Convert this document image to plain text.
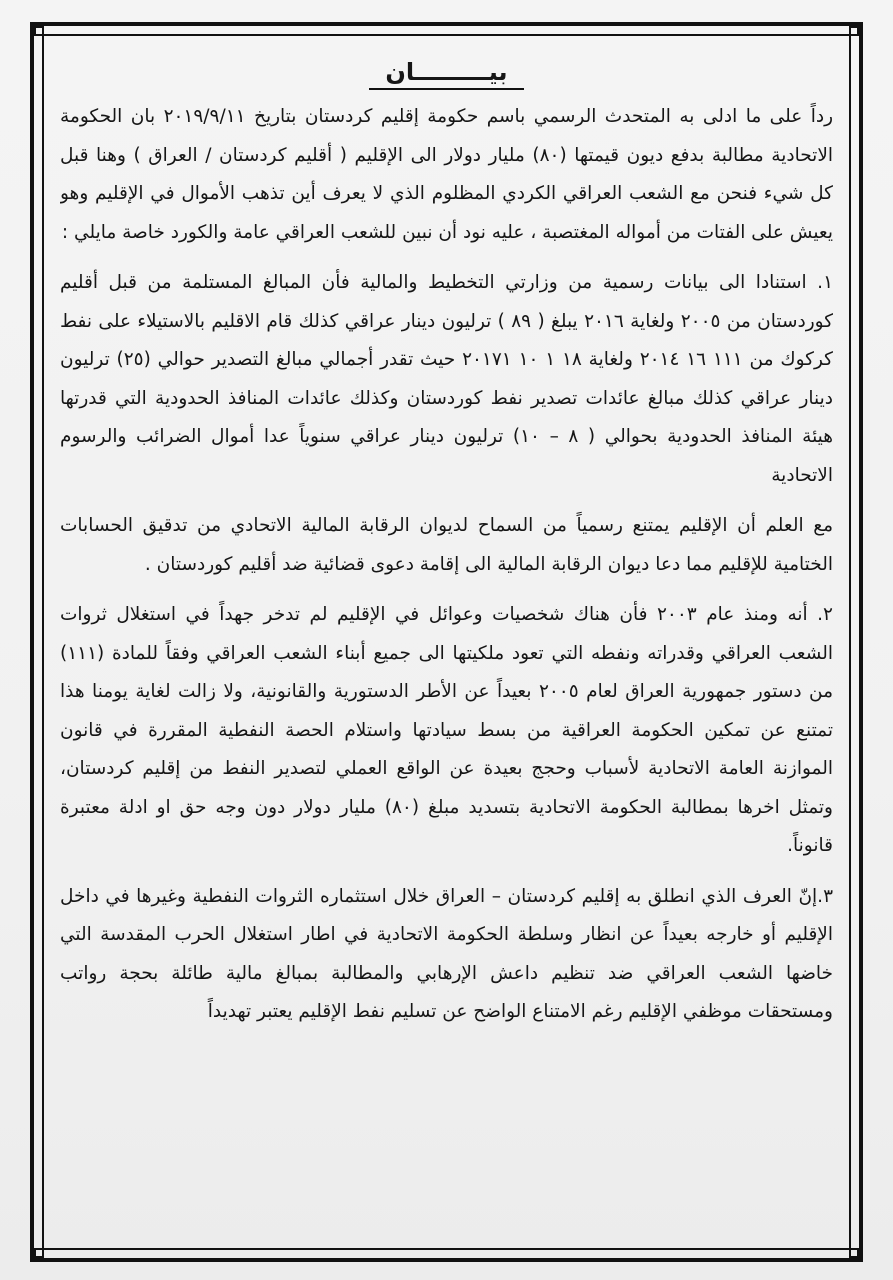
بيـــــــــان

رداً على ما ادلى به المتحدث الرسمي باسم حكومة إقليم كردستان بتاريخ ٢٠١٩/٩/١١ بان الحكومة الاتحادية مطالبة بدفع ديون قيمتها (٨٠) مليار دولار الى الإقليم ( أقليم كردستان / العراق ) وهنا قبل كل شيء فنحن مع الشعب العراقي الكردي المظلوم الذي لا يعرف أين تذهب الأموال في الإقليم وهو يعيش على الفتات من أمواله المغتصبة ، عليه نود أن نبين للشعب العراقي عامة والكورد خاصة مايلي :

١. استنادا الى بيانات رسمية من وزارتي التخطيط والمالية فأن المبالغ المستلمة من قبل أقليم كوردستان من ٢٠٠٥ ولغاية ٢٠١٦ يبلغ ( ٨٩ ) ترليون دينار عراقي كذلك قام الاقليم بالاستيلاء على نفط كركوك من ١١١ ١٦ ٢٠١٤ ولغاية ١٨ ١ ١٠ ٢٠١٧١ حيث تقدر أجمالي مبالغ التصدير حوالي (٢٥) ترليون دينار عراقي كذلك مبالغ عائدات تصدير نفط كوردستان وكذلك عائدات المنافذ الحدودية التي قدرتها هيئة المنافذ الحدودية بحوالي ( ٨ – ١٠) ترليون دينار عراقي سنوياً عدا أموال الضرائب والرسوم الاتحادية

مع العلم أن الإقليم يمتنع رسمياً من السماح لديوان الرقابة المالية الاتحادي من تدقيق الحسابات الختامية للإقليم مما دعا ديوان الرقابة المالية الى إقامة دعوى قضائية ضد أقليم كوردستان .

٢. أنه ومنذ عام ٢٠٠٣ فأن هناك شخصيات وعوائل في الإقليم لم تدخر جهداً في استغلال ثروات الشعب العراقي وقدراته ونفطه التي تعود ملكيتها الى جميع أبناء الشعب العراقي وفقاً للمادة (١١١) من دستور جمهورية العراق لعام ٢٠٠٥ بعيداً عن الأطر الدستورية والقانونية، ولا زالت لغاية يومنا هذا تمتنع عن تمكين الحكومة العراقية من بسط سيادتها واستلام الحصة النفطية المقررة في قانون الموازنة العامة الاتحادية لأسباب وحجج بعيدة عن الواقع العملي لتصدير النفط من إقليم كردستان، وتمثل اخرها بمطالبة الحكومة الاتحادية بتسديد مبلغ (٨٠) مليار دولار دون وجه حق او ادلة معتبرة قانوناً.

٣.إنّ العرف الذي انطلق به إقليم كردستان – العراق خلال استثماره الثروات النفطية وغيرها في داخل الإقليم أو خارجه بعيداً عن انظار وسلطة الحكومة الاتحادية في اطار استغلال الحرب المقدسة التي خاضها الشعب العراقي ضد تنظيم داعش الإرهابي والمطالبة بمبالغ مالية طائلة بحجة رواتب ومستحقات موظفي الإقليم رغم الامتناع الواضح عن تسليم نفط الإقليم يعتبر تهديداً
